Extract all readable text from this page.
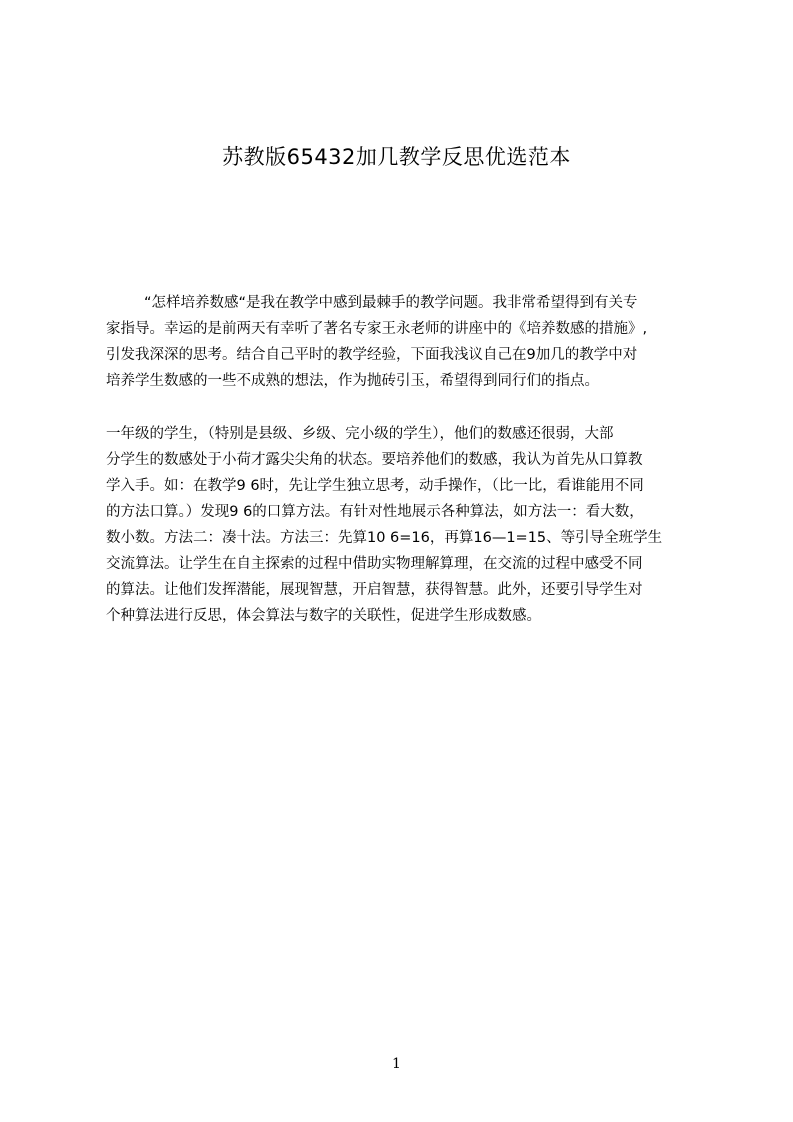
苏教版65432加几教学反思优选范本
“怎样培养数感“是我在教学中感到最棘手的教学问题。我非常希望得到有关专
家指导。幸运的是前两天有幸听了著名专家王永老师的讲座中的《培养数感的措施》,
引发我深深的思考。结合自己平时的教学经验，下面我浅议自己在9加几的教学中对
培养学生数感的一些不成熟的想法，作为抛砖引玉，希望得到同行们的指点。
一年级的学生，（特别是县级、乡级、完小级的学生），他们的数感还很弱，大部
分学生的数感处于小荷才露尖尖角的状态。要培养他们的数感，我认为首先从口算教
学入手。如：在教学9 6时，先让学生独立思考，动手操作，（比一比，看谁能用不同
的方法口算。）发现9 6的口算方法。有针对性地展示各种算法，如方法一：看大数，
数小数。方法二：凑十法。方法三：先算10 6=16，再算16—1=15、等引导全班学生
交流算法。让学生在自主探索的过程中借助实物理解算理，在交流的过程中感受不同
的算法。让他们发挥潜能，展现智慧，开启智慧，获得智慧。此外，还要引导学生对
个种算法进行反思，体会算法与数字的关联性，促进学生形成数感。
1
